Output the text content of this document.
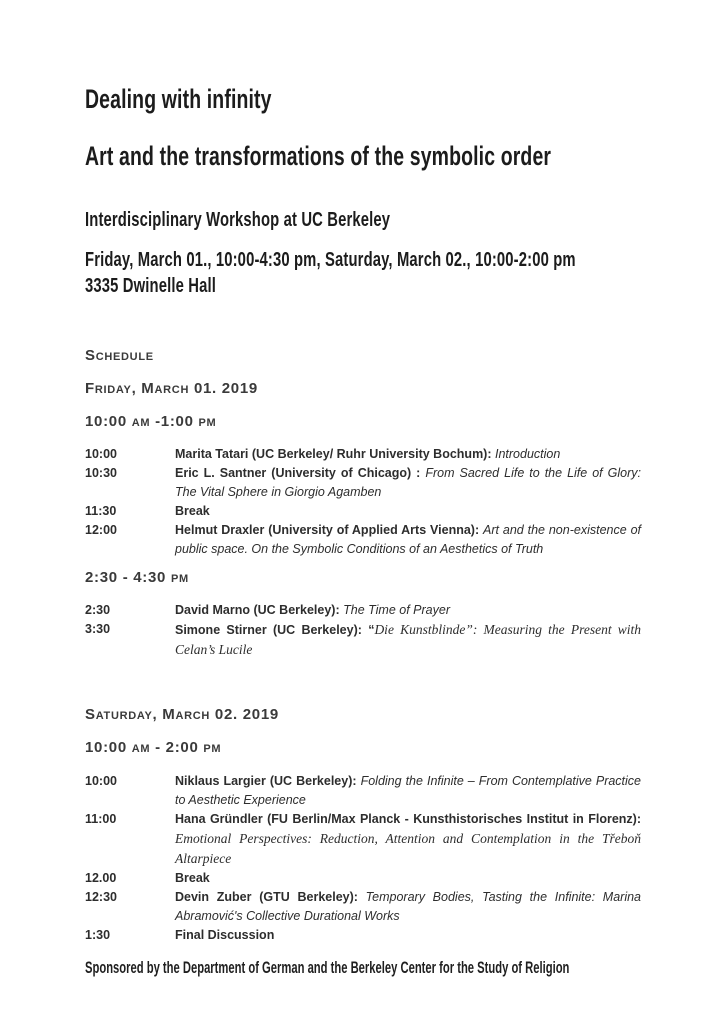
Dealing with infinity
Art and the transformations of the symbolic order
Interdisciplinary Workshop at UC Berkeley
Friday, March 01., 10:00-4:30 pm, Saturday, March 02., 10:00-2:00 pm
3335 Dwinelle Hall
Schedule
Friday, March 01. 2019
10:00 am -1:00 pm
10:00	Marita Tatari (UC Berkeley/ Ruhr University Bochum): Introduction
10:30	Eric L. Santner (University of Chicago) : From Sacred Life to the Life of Glory: The Vital Sphere in Giorgio Agamben
11:30	Break
12:00	Helmut Draxler (University of Applied Arts Vienna): Art and the non-existence of public space. On the Symbolic Conditions of an Aesthetics of Truth
2:30 - 4:30 pm
2:30	David Marno (UC Berkeley): The Time of Prayer
3:30	Simone Stirner (UC Berkeley): “Die Kunstblinde”: Measuring the Present with Celan’s Lucile
Saturday, March 02. 2019
10:00 am - 2:00 pm
10:00	Niklaus Largier (UC Berkeley): Folding the Infinite – From Contemplative Practice to Aesthetic Experience
11:00	Hana Gründler (FU Berlin/Max Planck - Kunsthistorisches Institut in Florenz): Emotional Perspectives: Reduction, Attention and Contemplation in the Třeboň Altarpiece
12.00	Break
12:30	Devin Zuber (GTU Berkeley): Temporary Bodies, Tasting the Infinite: Marina Abramović's Collective Durational Works
1:30	Final Discussion
Sponsored by the Department of German and the Berkeley Center for the Study of Religion
